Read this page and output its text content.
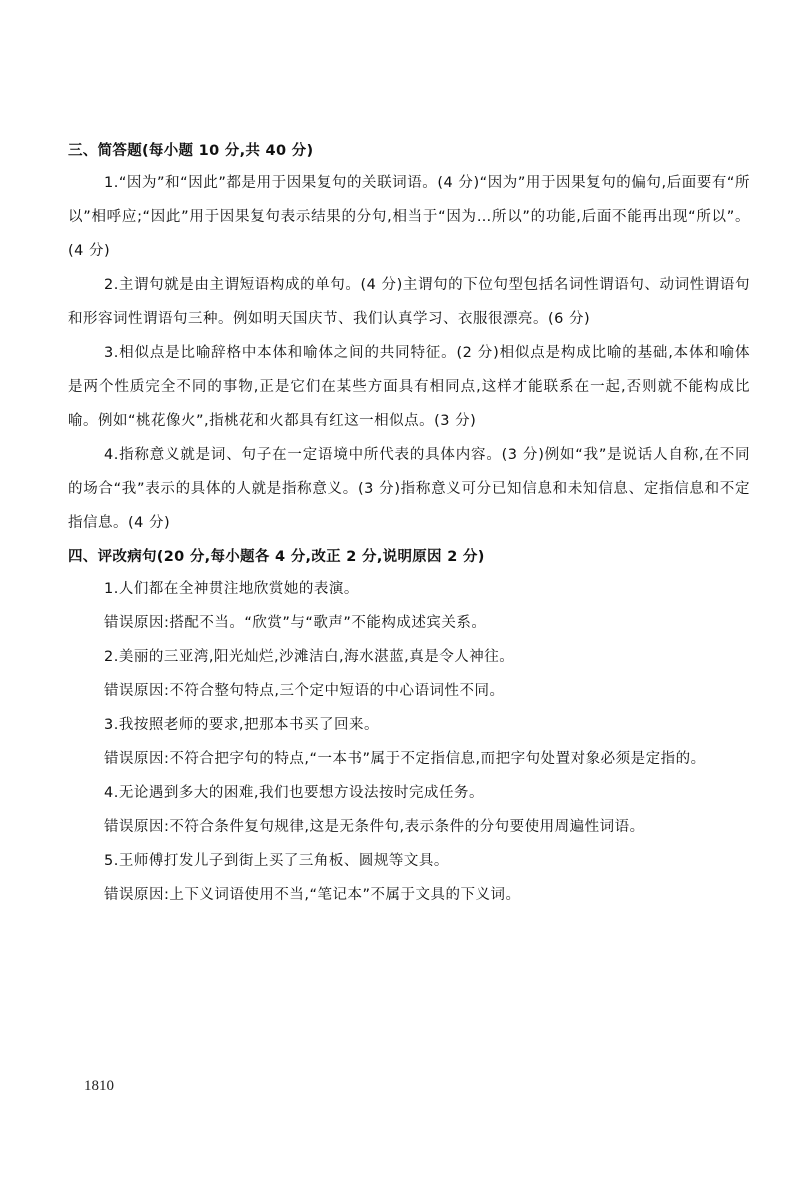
三、简答题(每小题 10 分,共 40 分)

1.“因为”和“因此”都是用于因果复句的关联词语。(4 分)“因为”用于因果复句的偏句,后面要有“所以”相呼应;“因此”用于因果复句表示结果的分句,相当于“因为…所以”的功能,后面不能再出现“所以”。(4 分)

2.主谓句就是由主谓短语构成的单句。(4 分)主谓句的下位句型包括名词性谓语句、动词性谓语句和形容词性谓语句三种。例如明天国庆节、我们认真学习、衣服很漂亮。(6 分)

3.相似点是比喻辞格中本体和喻体之间的共同特征。(2 分)相似点是构成比喻的基础,本体和喻体是两个性质完全不同的事物,正是它们在某些方面具有相同点,这样才能联系在一起,否则就不能构成比喻。例如“桃花像火”,指桃花和火都具有红这一相似点。(3 分)

4.指称意义就是词、句子在一定语境中所代表的具体内容。(3 分)例如“我”是说话人自称,在不同的场合“我”表示的具体的人就是指称意义。(3 分)指称意义可分已知信息和未知信息、定指信息和不定指信息。(4 分)

四、评改病句(20 分,每小题各 4 分,改正 2 分,说明原因 2 分)

1.人们都在全神贯注地欣赏她的表演。

错误原因:搭配不当。“欣赏”与“歌声”不能构成述宾关系。

2.美丽的三亚湾,阳光灿烂,沙滩洁白,海水湛蓝,真是令人神往。

错误原因:不符合整句特点,三个定中短语的中心语词性不同。

3.我按照老师的要求,把那本书买了回来。

错误原因:不符合把字句的特点,“一本书”属于不定指信息,而把字句处置对象必须是定指的。

4.无论遇到多大的困难,我们也要想方设法按时完成任务。

错误原因:不符合条件复句规律,这是无条件句,表示条件的分句要使用周遍性词语。

5.王师傅打发儿子到街上买了三角板、圆规等文具。

错误原因:上下义词语使用不当,“笔记本”不属于文具的下义词。

1810
